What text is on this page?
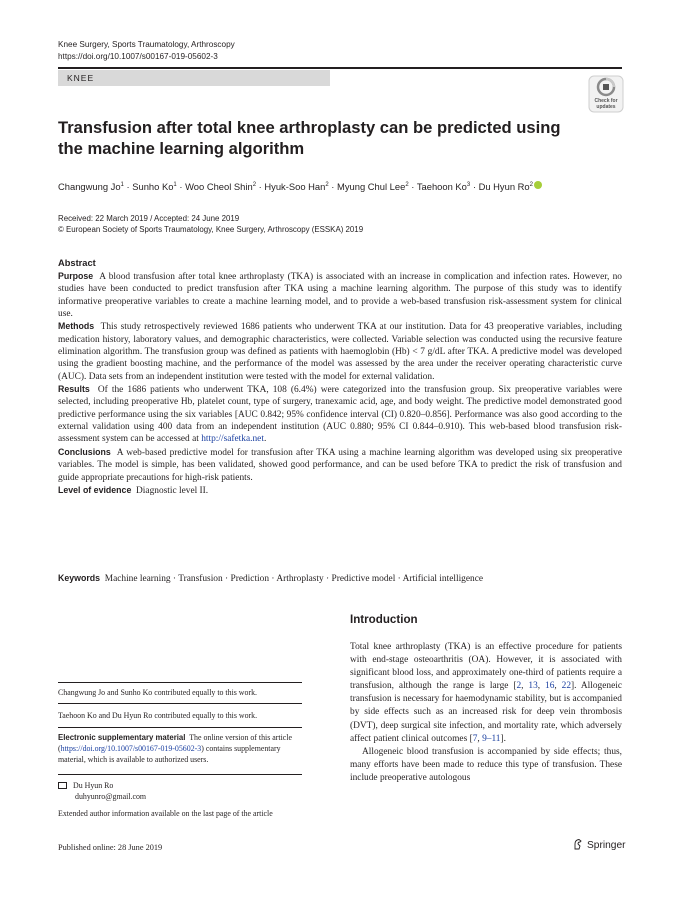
Knee Surgery, Sports Traumatology, Arthroscopy
https://doi.org/10.1007/s00167-019-05602-3
KNEE
Check for
updates
Transfusion after total knee arthroplasty can be predicted using the machine learning algorithm
Changwung $Jo^1$ · Sunho $Ko^1$ · Woo Cheol Shin$^2$ · Hyuk-Soo Han$^2$ · Myung Chul Lee$^2$ · Taehoon $Ko^3 \cdot Du$ Hyun Ro$^2$
Received: 22 March 2019 / Accepted: 24 June 2019
© European Society of Sports Traumatology, Knee Surgery, Arthroscopy (ESSKA) 2019
Abstract

Purpose A blood transfusion after total knee arthroplasty (TKA) is associated with an increase in complication and infection rates. However, no studies have been conducted to predict transfusion after TKA using a machine learning algorithm. The purpose of this study was to identify informative preoperative variables to create a machine learning model, and to provide a web-based transfusion risk-assessment system for clinical use.

Methods This study retrospectively reviewed 1686 patients who underwent TKA at our institution. Data for 43 preoperative variables, including medication history, laboratory values, and demographic characteristics, were collected. Variable selection was conducted using the recursive feature elimination algorithm. The transfusion group was defined as patients with haemoglobin (Hb) < 7 g/dL after TKA. A predictive model was developed using the gradient boosting machine, and the performance of the model was assessed by the area under the receiver operating characteristic curve (AUC). Data sets from an independent institution were tested with the model for external validation.

Results Of the 1686 patients who underwent TKA, 108 (6.4%) were categorized into the transfusion group. Six preoperative variables were selected, including preoperative Hb, platelet count, type of surgery, tranexamic acid, age, and body weight. The predictive model demonstrated good predictive performance using the six variables [AUC 0.842; 95% confidence interval (CI) 0.820–0.856]. Performance was also good according to the external validation using 400 data from an independent institution (AUC 0.880; 95% CI 0.844–0.910). This web-based blood transfusion risk-assessment system can be accessed at http://safetka.net.

Conclusions A web-based predictive model for transfusion after TKA using a machine learning algorithm was developed using six preoperative variables. The model is simple, has been validated, showed good performance, and can be used before TKA to predict the risk of transfusion and guide appropriate precautions for high-risk patients.

Level of evidence Diagnostic level II.

Keywords Machine learning · Transfusion · Prediction · Arthroplasty · Predictive model · Artificial intelligence
Introduction

Total knee arthroplasty (TKA) is an effective procedure for patients with end-stage osteoarthritis (OA). However, it is associated with significant blood loss, and approximately one-third of patients require a transfusion, although the range is large [2, 13, 16, 22]. Allogeneic transfusion is necessary for haemodynamic stability, but is accompanied by side effects such as an increased risk for deep vein thrombosis (DVT), deep surgical site infection, and mortality rate, which adversely affect patient clinical outcomes [7, 9–11].

Allogeneic blood transfusion is accompanied by side effects; thus, many efforts have been made to reduce this type of transfusion. These include preoperative autologous

Changwung Jo and Sunho Ko contributed equally to this work.
Taehoon Ko and Du Hyun Ro contributed equally to this work.
Electronic supplementary material The online version of this article (https://doi.org/10.1007/s00167-019-05602-3) contains supplementary material, which is available to authorized users.
Du Hyun Ro
duhyunro@gmail.com
Extended author information available on the last page of the article
Published online: 28 June 2019	Springer
